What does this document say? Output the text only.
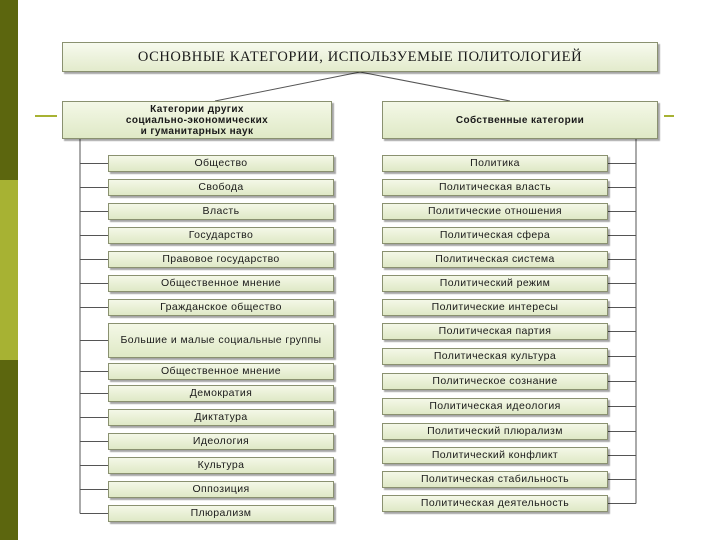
ОСНОВНЫЕ КАТЕГОРИИ, ИСПОЛЬЗУЕМЫЕ ПОЛИТОЛОГИЕЙ
Категории других
социально-экономических
и гуманитарных наук
Собственные категории
Общество
Свобода
Власть
Государство
Правовое государство
Общественное мнение
Гражданское общество
Большие и малые социальные группы
Общественное мнение
Демократия
Диктатура
Идеология
Культура
Оппозиция
Плюрализм
Политика
Политическая власть
Политические отношения
Политическая сфера
Политическая система
Политический режим
Политические интересы
Политическая партия
Политическая культура
Политическое сознание
Политическая идеология
Политический плюрализм
Политический конфликт
Политическая стабильность
Политическая деятельность
